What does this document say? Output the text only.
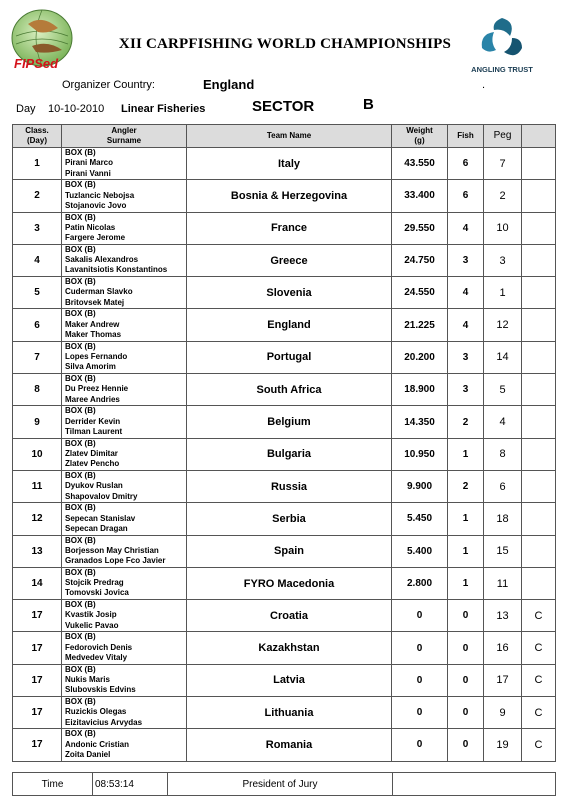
FIPSed
XII CARPFISHING WORLD CHAMPIONSHIPS
ANGLING TRUST
Organizer Country:	England	.
Day 10-10-2010 Linear Fisheries	SECTOR	B
Class.
(Day)	Angler
Surname	Team Name	Weight
(g)	Fish	Peg	
1	BOX (B)
Pirani Marco
Pirani Vanni	Italy	43.550	6	7	
2	BOX (B)
Tuzlancic Nebojsa
Stojanovic Jovo	Bosnia & Herzegovina	33.400	6	2	
3	BOX (B)
Patin Nicolas
Fargere Jerome	France	29.550	4	10	
4	BOX (B)
Sakalis Alexandros
Lavanitsiotis Konstantinos	Greece	24.750	3	3	
5	BOX (B)
Cuderman Slavko
Britovsek Matej	Slovenia	24.550	4	1	
6	BOX (B)
Maker Andrew
Maker Thomas	England	21.225	4	12	
7	BOX (B)
Lopes Fernando
Silva Amorim	Portugal	20.200	3	14	
8	BOX (B)
Du Preez Hennie
Maree Andries	South Africa	18.900	3	5	
9	BOX (B)
Derrider Kevin
Tilman Laurent	Belgium	14.350	2	4	
10	BOX (B)
Zlatev Dimitar
Zlatev Pencho	Bulgaria	10.950	1	8	
11	BOX (B)
Dyukov Ruslan
Shapovalov Dmitry	Russia	9.900	2	6	
12	BOX (B)
Sepecan Stanislav
Sepecan Dragan	Serbia	5.450	1	18	
13	BOX (B)
Borjesson May Christian
Granados Lope Fco Javier	Spain	5.400	1	15	
14	BOX (B)
Stojcik Predrag
Tomovski Jovica	FYRO Macedonia	2.800	1	11	
17	BOX (B)
Kvastik Josip
Vukelic Pavao	Croatia	0	0	13	C
17	BOX (B)
Fedorovich Denis
Medvedev Vitaly	Kazakhstan	0	0	16	C
17	BOX (B)
Nukis Maris
Slubovskis Edvins	Latvia	0	0	17	C
17	BOX (B)
Ruzickis Olegas
Eizitavicius Arvydas	Lithuania	0	0	9	C
17	BOX (B)
Andonic Cristian
Zoita Daniel	Romania	0	0	19	C
Time	08:53:14	President of Jury	
